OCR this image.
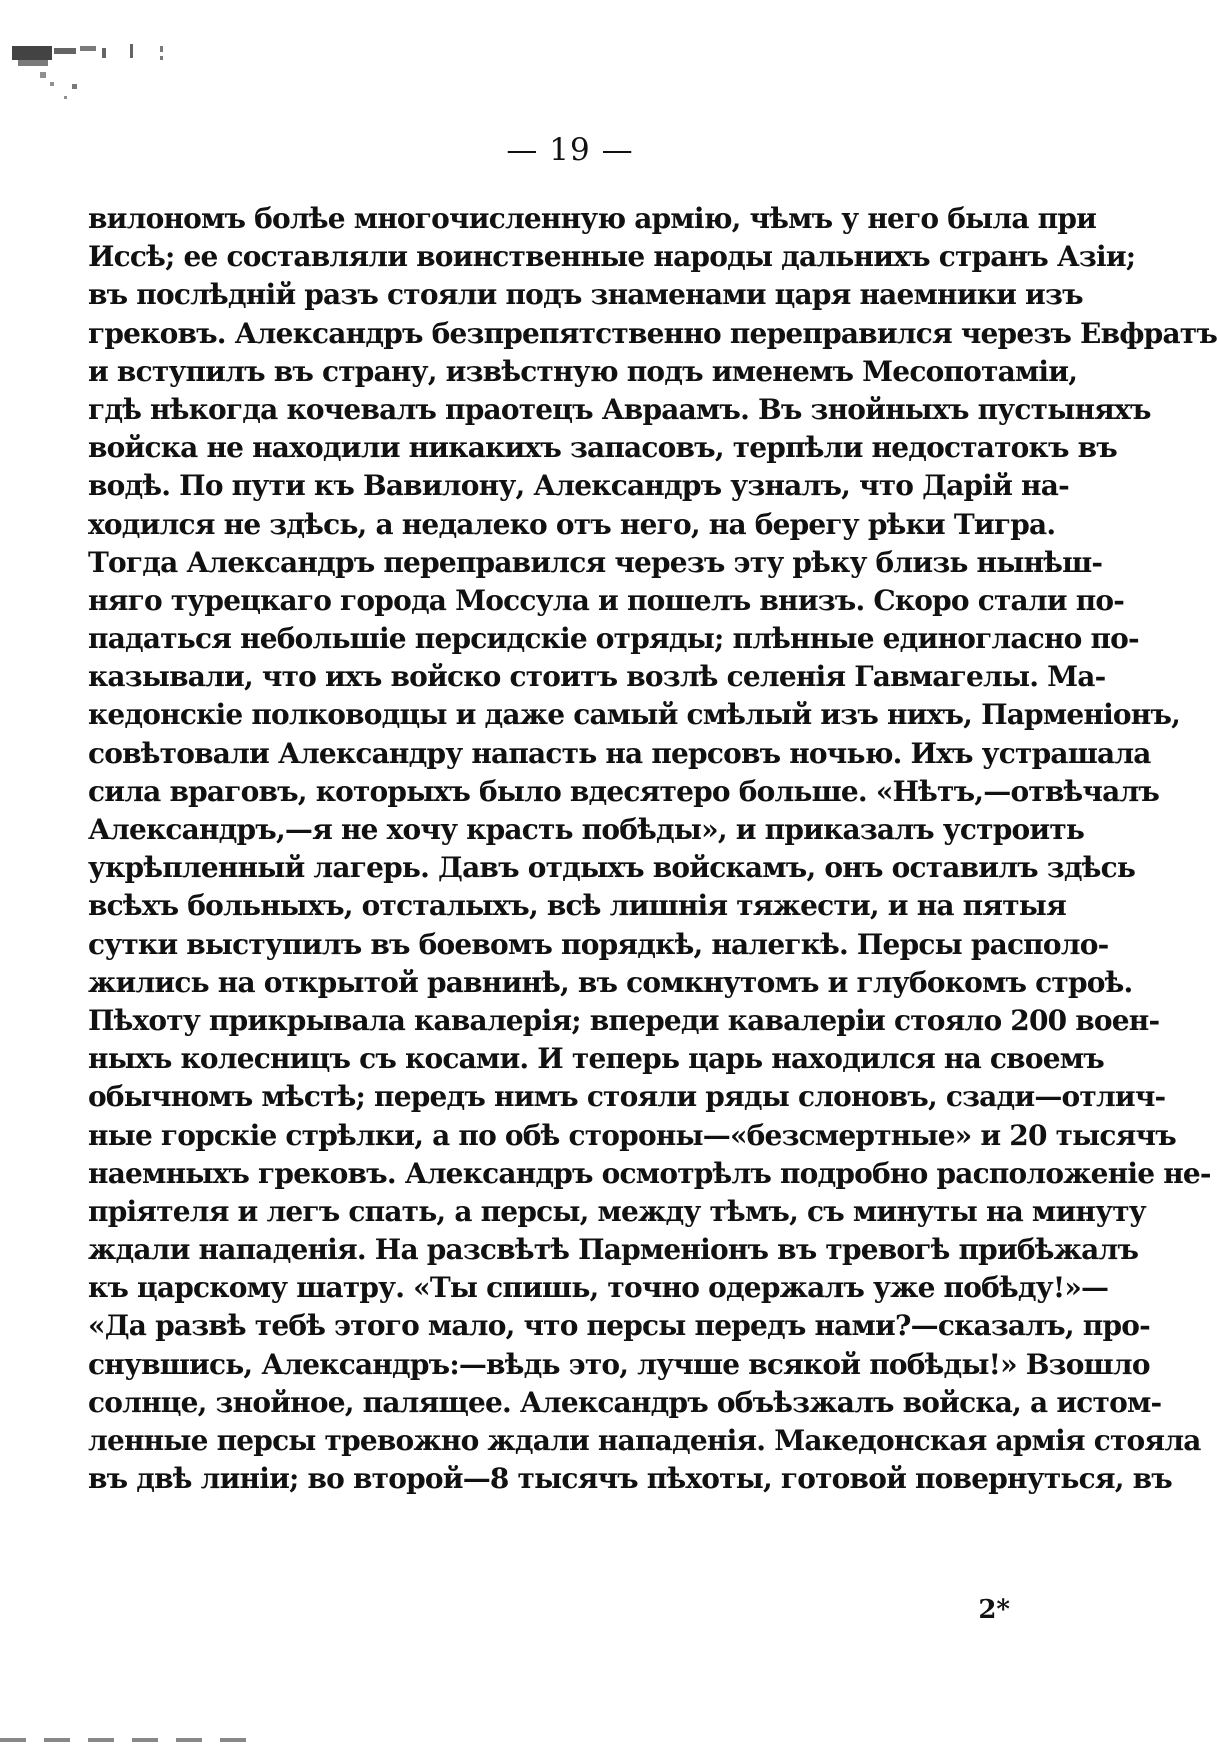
— 19 —
вилономъ болѣе многочисленную армію, чѣмъ у него была при
Иссѣ; ее составляли воинственные народы дальнихъ странъ Азіи;
въ послѣдній разъ стояли подъ знаменами царя наемники изъ
грековъ. Александръ безпрепятственно переправился черезъ Евфратъ
и вступилъ въ страну, извѣстную подъ именемъ Месопотаміи,
гдѣ нѣкогда кочевалъ праотецъ Авраамъ. Въ знойныхъ пустыняхъ
войска не находили никакихъ запасовъ, терпѣли недостатокъ въ
водѣ. По пути къ Вавилону, Александръ узналъ, что Дарій на-
ходился не здѣсь, а недалеко отъ него, на берегу рѣки Тигра.
Тогда Александръ переправился черезъ эту рѣку близь нынѣш-
няго турецкаго города Моссула и пошелъ внизъ. Скоро стали по-
падаться небольшіе персидскіе отряды; плѣнные единогласно по-
казывали, что ихъ войско стоитъ возлѣ селенія Гавмагелы. Ма-
кедонскіе полководцы и даже самый смѣлый изъ нихъ, Парменіонъ,
совѣтовали Александру напасть на персовъ ночью. Ихъ устрашала
сила враговъ, которыхъ было вдесятеро больше. «Нѣтъ,—отвѣчалъ
Александръ,—я не хочу красть побѣды», и приказалъ устроить
укрѣпленный лагерь. Давъ отдыхъ войскамъ, онъ оставилъ здѣсь
всѣхъ больныхъ, отсталыхъ, всѣ лишнія тяжести, и на пятыя
сутки выступилъ въ боевомъ порядкѣ, налегкѣ. Персы располо-
жились на открытой равнинѣ, въ сомкнутомъ и глубокомъ строѣ.
Пѣхоту прикрывала кавалерія; впереди кавалеріи стояло 200 воен-
ныхъ колесницъ съ косами. И теперь царь находился на своемъ
обычномъ мѣстѣ; передъ нимъ стояли ряды слоновъ, сзади—отлич-
ные горскіе стрѣлки, а по обѣ стороны—«безсмертные» и 20 тысячъ
наемныхъ грековъ. Александръ осмотрѣлъ подробно расположеніе не-
пріятеля и легъ спать, а персы, между тѣмъ, съ минуты на минуту
ждали нападенія. На разсвѣтѣ Парменіонъ въ тревогѣ прибѣжалъ
къ царскому шатру. «Ты спишь, точно одержалъ уже побѣду!»—
«Да развѣ тебѣ этого мало, что персы передъ нами?—сказалъ, про-
снувшись, Александръ:—вѣдь это, лучше всякой побѣды!» Взошло
солнце, знойное, палящее. Александръ объѣзжалъ войска, а истом-
ленные персы тревожно ждали нападенія. Македонская армія стояла
въ двѣ линіи; во второй—8 тысячъ пѣхоты, готовой повернуться, въ
2*
